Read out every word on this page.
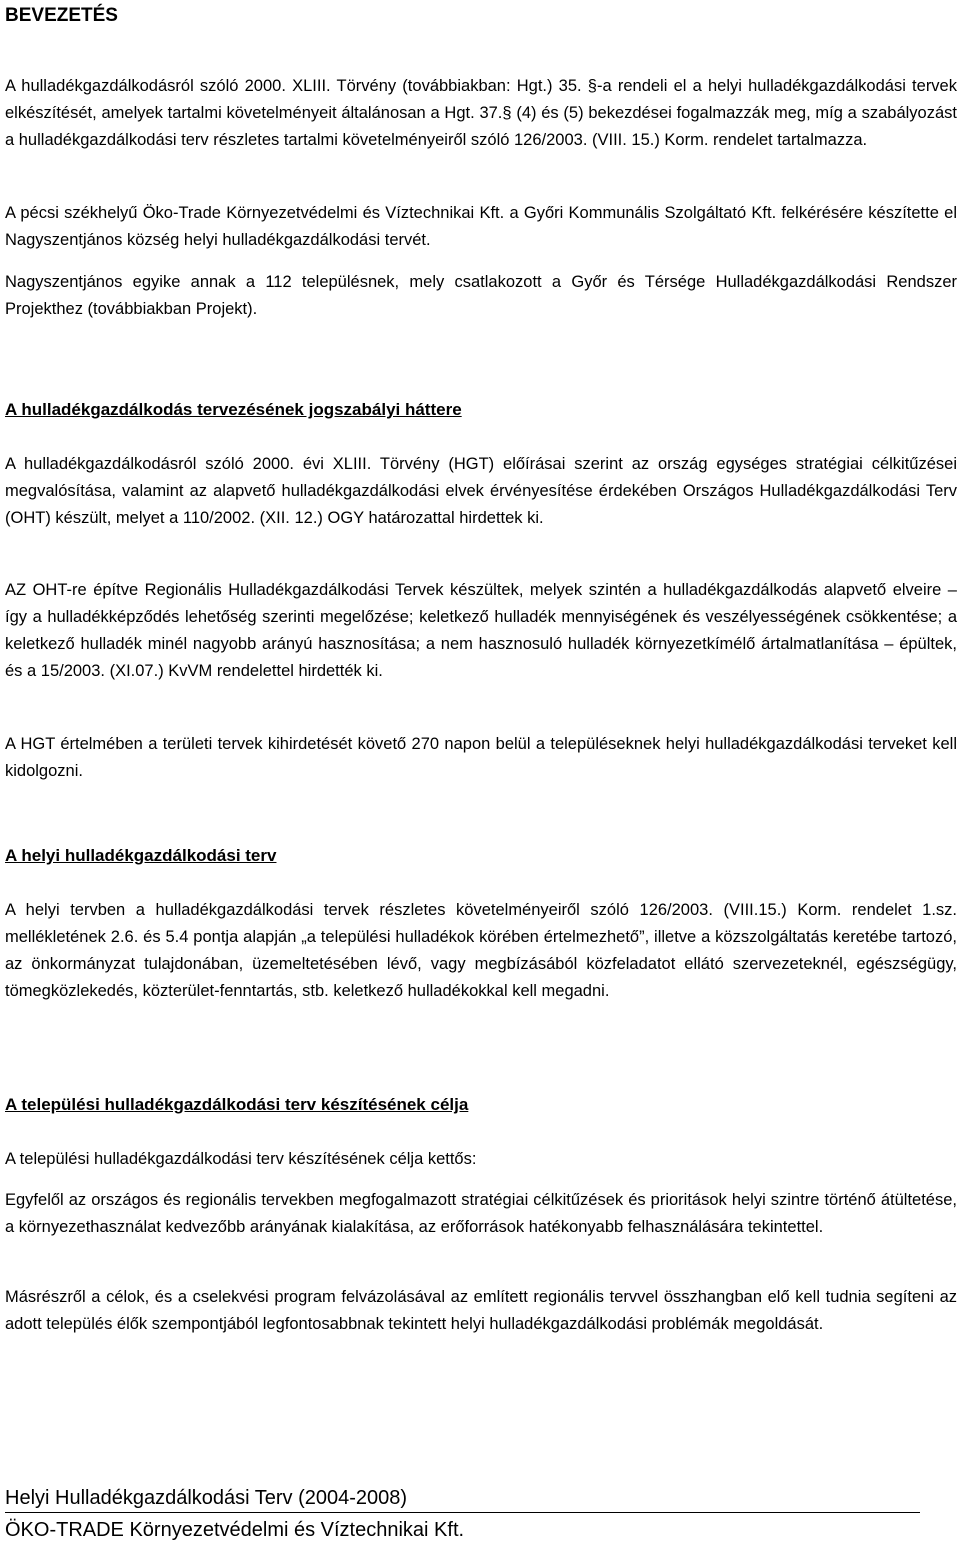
BEVEZETÉS

A hulladékgazdálkodásról szóló 2000. XLIII. Törvény (továbbiakban: Hgt.) 35. §-a rendeli el a helyi hulladékgazdálkodási tervek elkészítését, amelyek tartalmi követelményeit általánosan a Hgt. 37.§ (4) és (5) bekezdései fogalmazzák meg, míg a szabályozást a hulladékgazdálkodási terv részletes tartalmi követelményeiről szóló 126/2003. (VIII. 15.) Korm. rendelet tartalmazza.

A pécsi székhelyű Öko-Trade Környezetvédelmi és Víztechnikai Kft. a Győri Kommunális Szolgáltató Kft. felkérésére készítette el Nagyszentjános község helyi hulladékgazdálkodási tervét.

Nagyszentjános egyike annak a 112 településnek, mely csatlakozott a Győr és Térsége Hulladékgazdálkodási Rendszer Projekthez (továbbiakban Projekt).

A hulladékgazdálkodás tervezésének jogszabályi háttere

A hulladékgazdálkodásról szóló 2000. évi XLIII. Törvény (HGT) előírásai szerint az ország egységes stratégiai célkitűzései megvalósítása, valamint az alapvető hulladékgazdálkodási elvek érvényesítése érdekében Országos Hulladékgazdálkodási Terv (OHT) készült, melyet a 110/2002. (XII. 12.) OGY határozattal hirdettek ki.

AZ OHT-re építve Regionális Hulladékgazdálkodási Tervek készültek, melyek szintén a hulladékgazdálkodás alapvető elveire – így a hulladékképződés lehetőség szerinti megelőzése; keletkező hulladék mennyiségének és veszélyességének csökkentése; a keletkező hulladék minél nagyobb arányú hasznosítása; a nem hasznosuló hulladék környezetkímélő ártalmatlanítása – épültek, és a 15/2003. (XI.07.) KvVM rendelettel hirdették ki.

A HGT értelmében a területi tervek kihirdetését követő 270 napon belül a településeknek helyi hulladékgazdálkodási terveket kell kidolgozni.

A helyi hulladékgazdálkodási terv

A helyi tervben a hulladékgazdálkodási tervek részletes követelményeiről szóló 126/2003. (VIII.15.) Korm. rendelet 1.sz. mellékletének 2.6. és 5.4 pontja alapján „a települési hulladékok körében értelmezhető”, illetve a közszolgáltatás keretébe tartozó, az önkormányzat tulajdonában, üzemeltetésében lévő, vagy megbízásából közfeladatot ellátó szervezeteknél, egészségügy, tömegközlekedés, közterület-fenntartás, stb. keletkező hulladékokkal kell megadni.

A települési hulladékgazdálkodási terv készítésének célja

A települési hulladékgazdálkodási terv készítésének célja kettős:

Egyfelől az országos és regionális tervekben megfogalmazott stratégiai célkitűzések és prioritások helyi szintre történő átültetése, a környezethasználat kedvezőbb arányának kialakítása, az erőforrások hatékonyabb felhasználására tekintettel.

Másrészről a célok, és a cselekvési program felvázolásával az említett regionális tervvel összhangban elő kell tudnia segíteni az adott település élők szempontjából legfontosabbnak tekintett helyi hulladékgazdálkodási problémák megoldását.

Helyi Hulladékgazdálkodási Terv (2004-2008)
ÖKO-TRADE Környezetvédelmi és Víztechnikai Kft.
